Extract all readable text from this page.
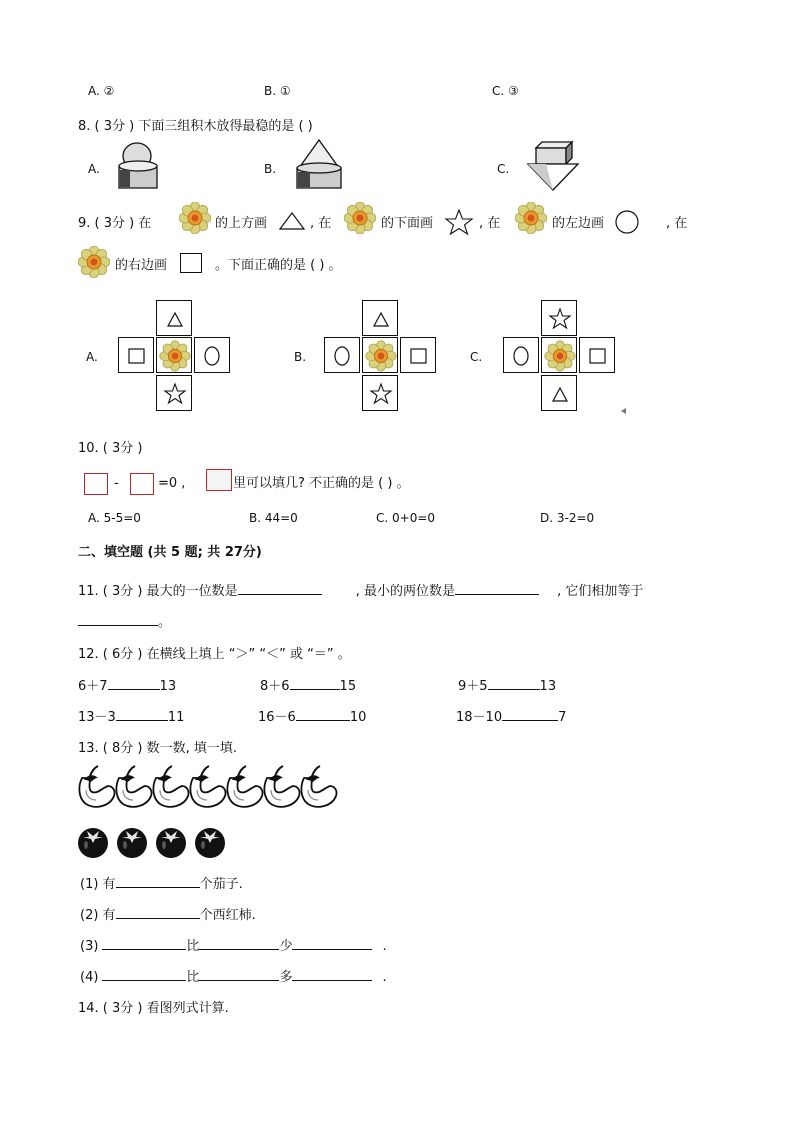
A. ②	B. ①	C. ③
8. ( 3分 ) 下面三组积木放得最稳的是 ( )
A.	B.	C.
9. ( 3分 ) 在	的上方画	, 在	的下面画	, 在	的左边画	, 在
的右边画	。下面正确的是 ( ) 。
A.	B.	C.
10. ( 3分 )
-	=0 ,	里可以填几? 不正确的是 ( ) 。
A. 5-5=0	B. 44=0	C. 0+0=0	D. 3-2=0
二、填空题 (共 5 题; 共 27分)
11. ( 3分 ) 最大的一位数是	, 最小的两位数是	, 它们相加等于
。
12. ( 6分 ) 在横线上填上 “＞” “＜” 或 “＝” 。
6＋7	13	8＋6	15	9＋5	13
13－3	11	16－6	10	18－10	7
13. ( 8分 ) 数一数, 填一填.
(1) 有	个茄子.
(2) 有	个西红柿.
(3)	比	少	.
(4)	比	多	.
14. ( 3分 ) 看图列式计算.
